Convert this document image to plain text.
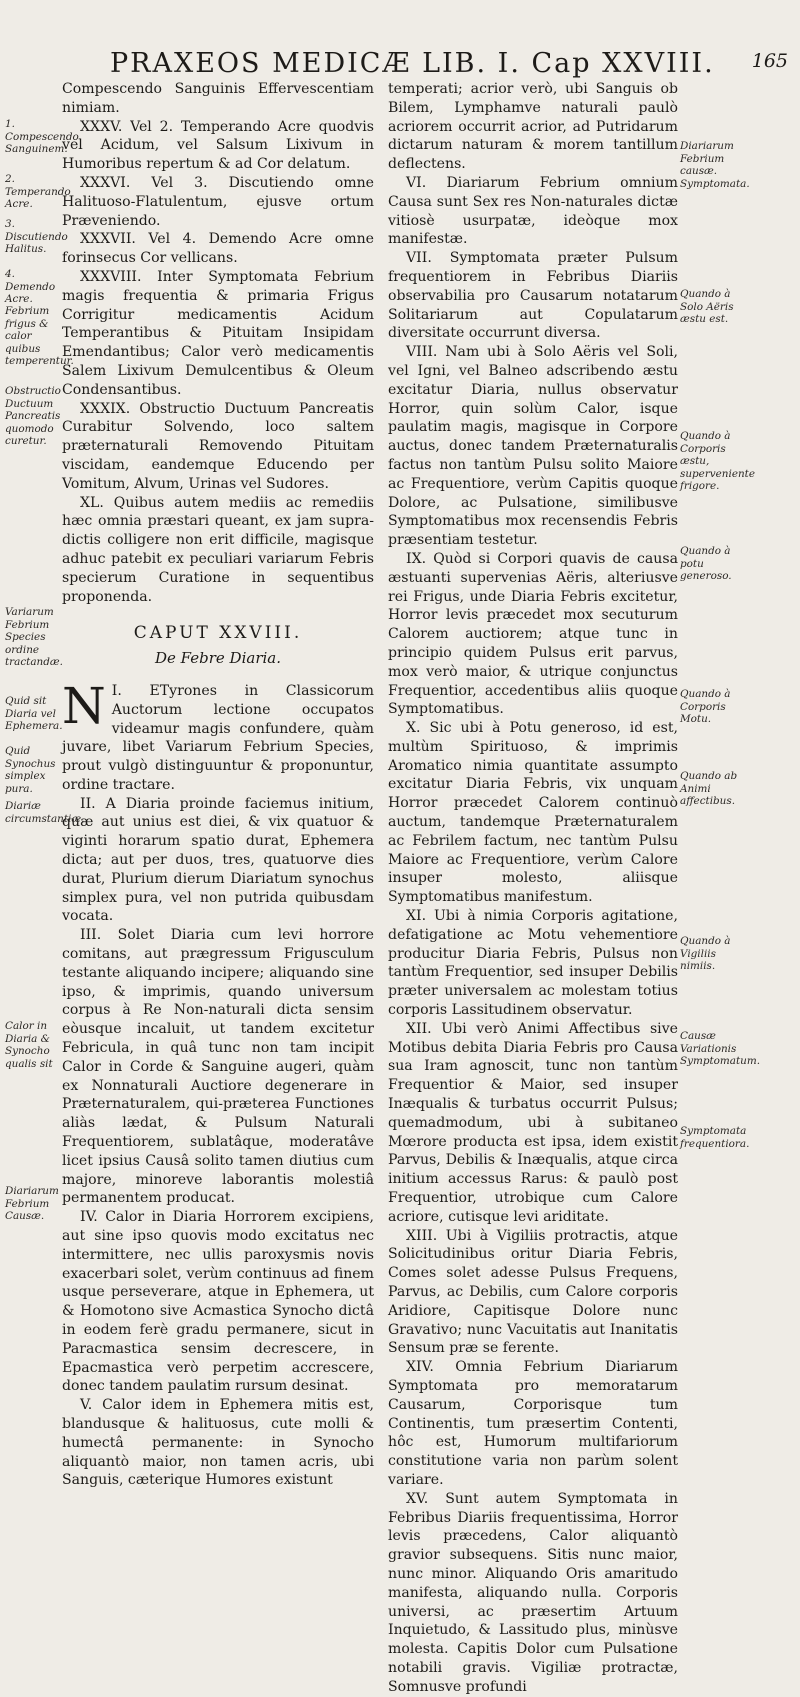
PRAXEOS MEDICÆ LIB. I. Cap XXVIII. 165

Compescendo Sanguinis Effervescentiam nimiam.

XXXV. Vel 2. Temperando Acre quodvis vel Acidum, vel Salsum Lixivum in Humoribus repertum & ad Cor delatum.

XXXVI. Vel 3. Discutiendo omne Halituoso-Flatulentum, ejusve ortum Præveniendo.

XXXVII. Vel 4. Demendo Acre omne forinsecus Cor vellicans.

XXXVIII. Inter Symptomata Febrium magis frequentia & primaria Frigus Corrigitur medicamentis Acidum Temperantibus & Pituitam Insipidam Emendantibus; Calor verò medicamentis Salem Lixivum Demulcentibus & Oleum Condensantibus.

XXXIX. Obstructio Ductuum Pancreatis Curabitur Solvendo, loco saltem præternaturali Removendo Pituitam viscidam, eandemque Educendo per Vomitum, Alvum, Urinas vel Sudores.

XL. Quibus autem mediis ac remediis hæc omnia præstari queant, ex jam supra-dictis colligere non erit difficile, magisque adhuc patebit ex peculiari variarum Febris specierum Curatione in sequentibus proponenda.

CAPUT XXVIII.
De Febre Diaria.

I.
N	ETyrones in Classicorum Auctorum lectione occupatos videamur magis confundere, quàm juvare, libet Variarum Febrium Species, prout vulgò distinguuntur & proponuntur, ordine tractare.

II. A Diaria proinde faciemus initium, quæ aut unius est diei, & vix quatuor & viginti horarum spatio durat, Ephemera dicta; aut per duos, tres, quatuorve dies durat, Plurium dierum Diariatum synochus simplex pura, vel non putrida quibusdam vocata.

III. Solet Diaria cum levi horrore comitans, aut prægressum Frigusculum testante aliquando incipere; aliquando sine ipso, & imprimis, quando universum corpus à Re Non-naturali dicta sensim eòusque incaluit, ut tandem excitetur Febricula, in quâ tunc non tam incipit Calor in Corde & Sanguine augeri, quàm ex Nonnaturali Auctiore degenerare in Præternaturalem, qui-præterea Functiones aliàs lædat, & Pulsum Naturali Frequentiorem, sublatâque, moderatâve licet ipsius Causâ solito tamen diutius cum majore, minoreve laborantis molestiâ permanentem producat.

IV. Calor in Diaria Horrorem excipiens, aut sine ipso quovis modo excitatus nec intermittere, nec ullis paroxysmis novis exacerbari solet, verùm continuus ad finem usque perseverare, atque in Ephemera, ut & Homotono sive Acmastica Synocho dictâ in eodem ferè gradu permanere, sicut in Paracmastica sensim decrescere, in Epacmastica verò perpetim accrescere, donec tandem paulatim rursum desinat.

V. Calor idem in Ephemera mitis est, blandusque & halituosus, cute molli & humectâ permanente: in Synocho aliquantò maior, non tamen acris, ubi Sanguis, cæterique Humores existunt

temperati; acrior verò, ubi Sanguis ob Bilem, Lymphamve naturali paulò acriorem occurrit acrior, ad Putridarum dictarum naturam & morem tantillum deflectens.

VI. Diariarum Febrium omnium Causa sunt Sex res Non-naturales dictæ vitiosè usurpatæ, ideòque mox manifestæ.

VII. Symptomata præter Pulsum frequentiorem in Febribus Diariis observabilia pro Causarum notatarum Solitariarum aut Copulatarum diversitate occurrunt diversa.

VIII. Nam ubi à Solo Aëris vel Soli, vel Igni, vel Balneo adscribendo æstu excitatur Diaria, nullus observatur Horror, quin solùm Calor, isque paulatim magis, magisque in Corpore auctus, donec tandem Præternaturalis factus non tantùm Pulsu solito Maiore ac Frequentiore, verùm Capitis quoque Dolore, ac Pulsatione, similibusve Symptomatibus mox recensendis Febris præsentiam testetur.

IX. Quòd si Corpori quavis de causa æstuanti supervenias Aëris, alteriusve rei Frigus, unde Diaria Febris excitetur, Horror levis præcedet mox secuturum Calorem auctiorem; atque tunc in principio quidem Pulsus erit parvus, mox verò maior, & utrique conjunctus Frequentior, accedentibus aliis quoque Symptomatibus.

X. Sic ubi à Potu generoso, id est, multùm Spirituoso, & imprimis Aromatico nimia quantitate assumpto excitatur Diaria Febris, vix unquam Horror præcedet Calorem continuò auctum, tandemque Præternaturalem ac Febrilem factum, nec tantùm Pulsu Maiore ac Frequentiore, verùm Calore insuper molesto, aliisque Symptomatibus manifestum.

XI. Ubi à nimia Corporis agitatione, defatigatione ac Motu vehementiore producitur Diaria Febris, Pulsus non tantùm Frequentior, sed insuper Debilis præter universalem ac molestam totius corporis Lassitudinem observatur.

XII. Ubi verò Animi Affectibus sive Motibus debita Diaria Febris pro Causa sua Iram agnoscit, tunc non tantùm Frequentior & Maior, sed insuper Inæqualis & turbatus occurrit Pulsus; quemadmodum, ubi à subitaneo Mœrore producta est ipsa, idem existit Parvus, Debilis & Inæqualis, atque circa initium accessus Rarus: & paulò post Frequentior, utrobique cum Calore acriore, cutisque levi ariditate.

XIII. Ubi à Vigiliis protractis, atque Solicitudinibus oritur Diaria Febris, Comes solet adesse Pulsus Frequens, Parvus, ac Debilis, cum Calore corporis Aridiore, Capitisque Dolore nunc Gravativo; nunc Vacuitatis aut Inanitatis Sensum præ se ferente.

XIV. Omnia Febrium Diariarum Symptomata pro memoratarum Causarum, Corporisque tum Continentis, tum præsertim Contenti, hôc est, Humorum multifariorum constitutione varia non parùm solent variare.

XV. Sunt autem Symptomata in Febribus Diariis frequentissima, Horror levis præcedens, Calor aliquantò gravior subsequens. Sitis nunc maior, nunc minor. Aliquando Oris amaritudo manifesta, aliquando nulla. Corporis universi, ac præsertim Artuum Inquietudo, & Lassitudo plus, minùsve molesta. Capitis Dolor cum Pulsatione notabili gravis. Vigiliæ protractæ, Somnusve profundi

1. Compescendo Sanguinem.
2. Temperando Acre.
3. Discutiendo Halitus.
4. Demendo Acre.
Febrium frigus & calor quibus temperentur.
Obstructio Ductuum Pancreatis quomodo curetur.
Variarum Febrium Species ordine tractandæ.
Quid sit Diaria vel Ephemera.
Quid Synochus simplex pura.
Diariæ circumstantiæ.
Calor in Diaria & Synocho qualis sit
Diariarum Febrium Causæ.
Diariarum Febrium causæ. Symptomata.
Quando à Solo Aëris æstu est.
Quando à Corporis æstu, superveniente frigore.
Quando à potu generoso.
Quando à Corporis Motu.
Quando ab Animi affectibus.
Quando à Vigiliis nimiis.
Causæ Variationis Symptomatum.
Symptomata frequentiora.
